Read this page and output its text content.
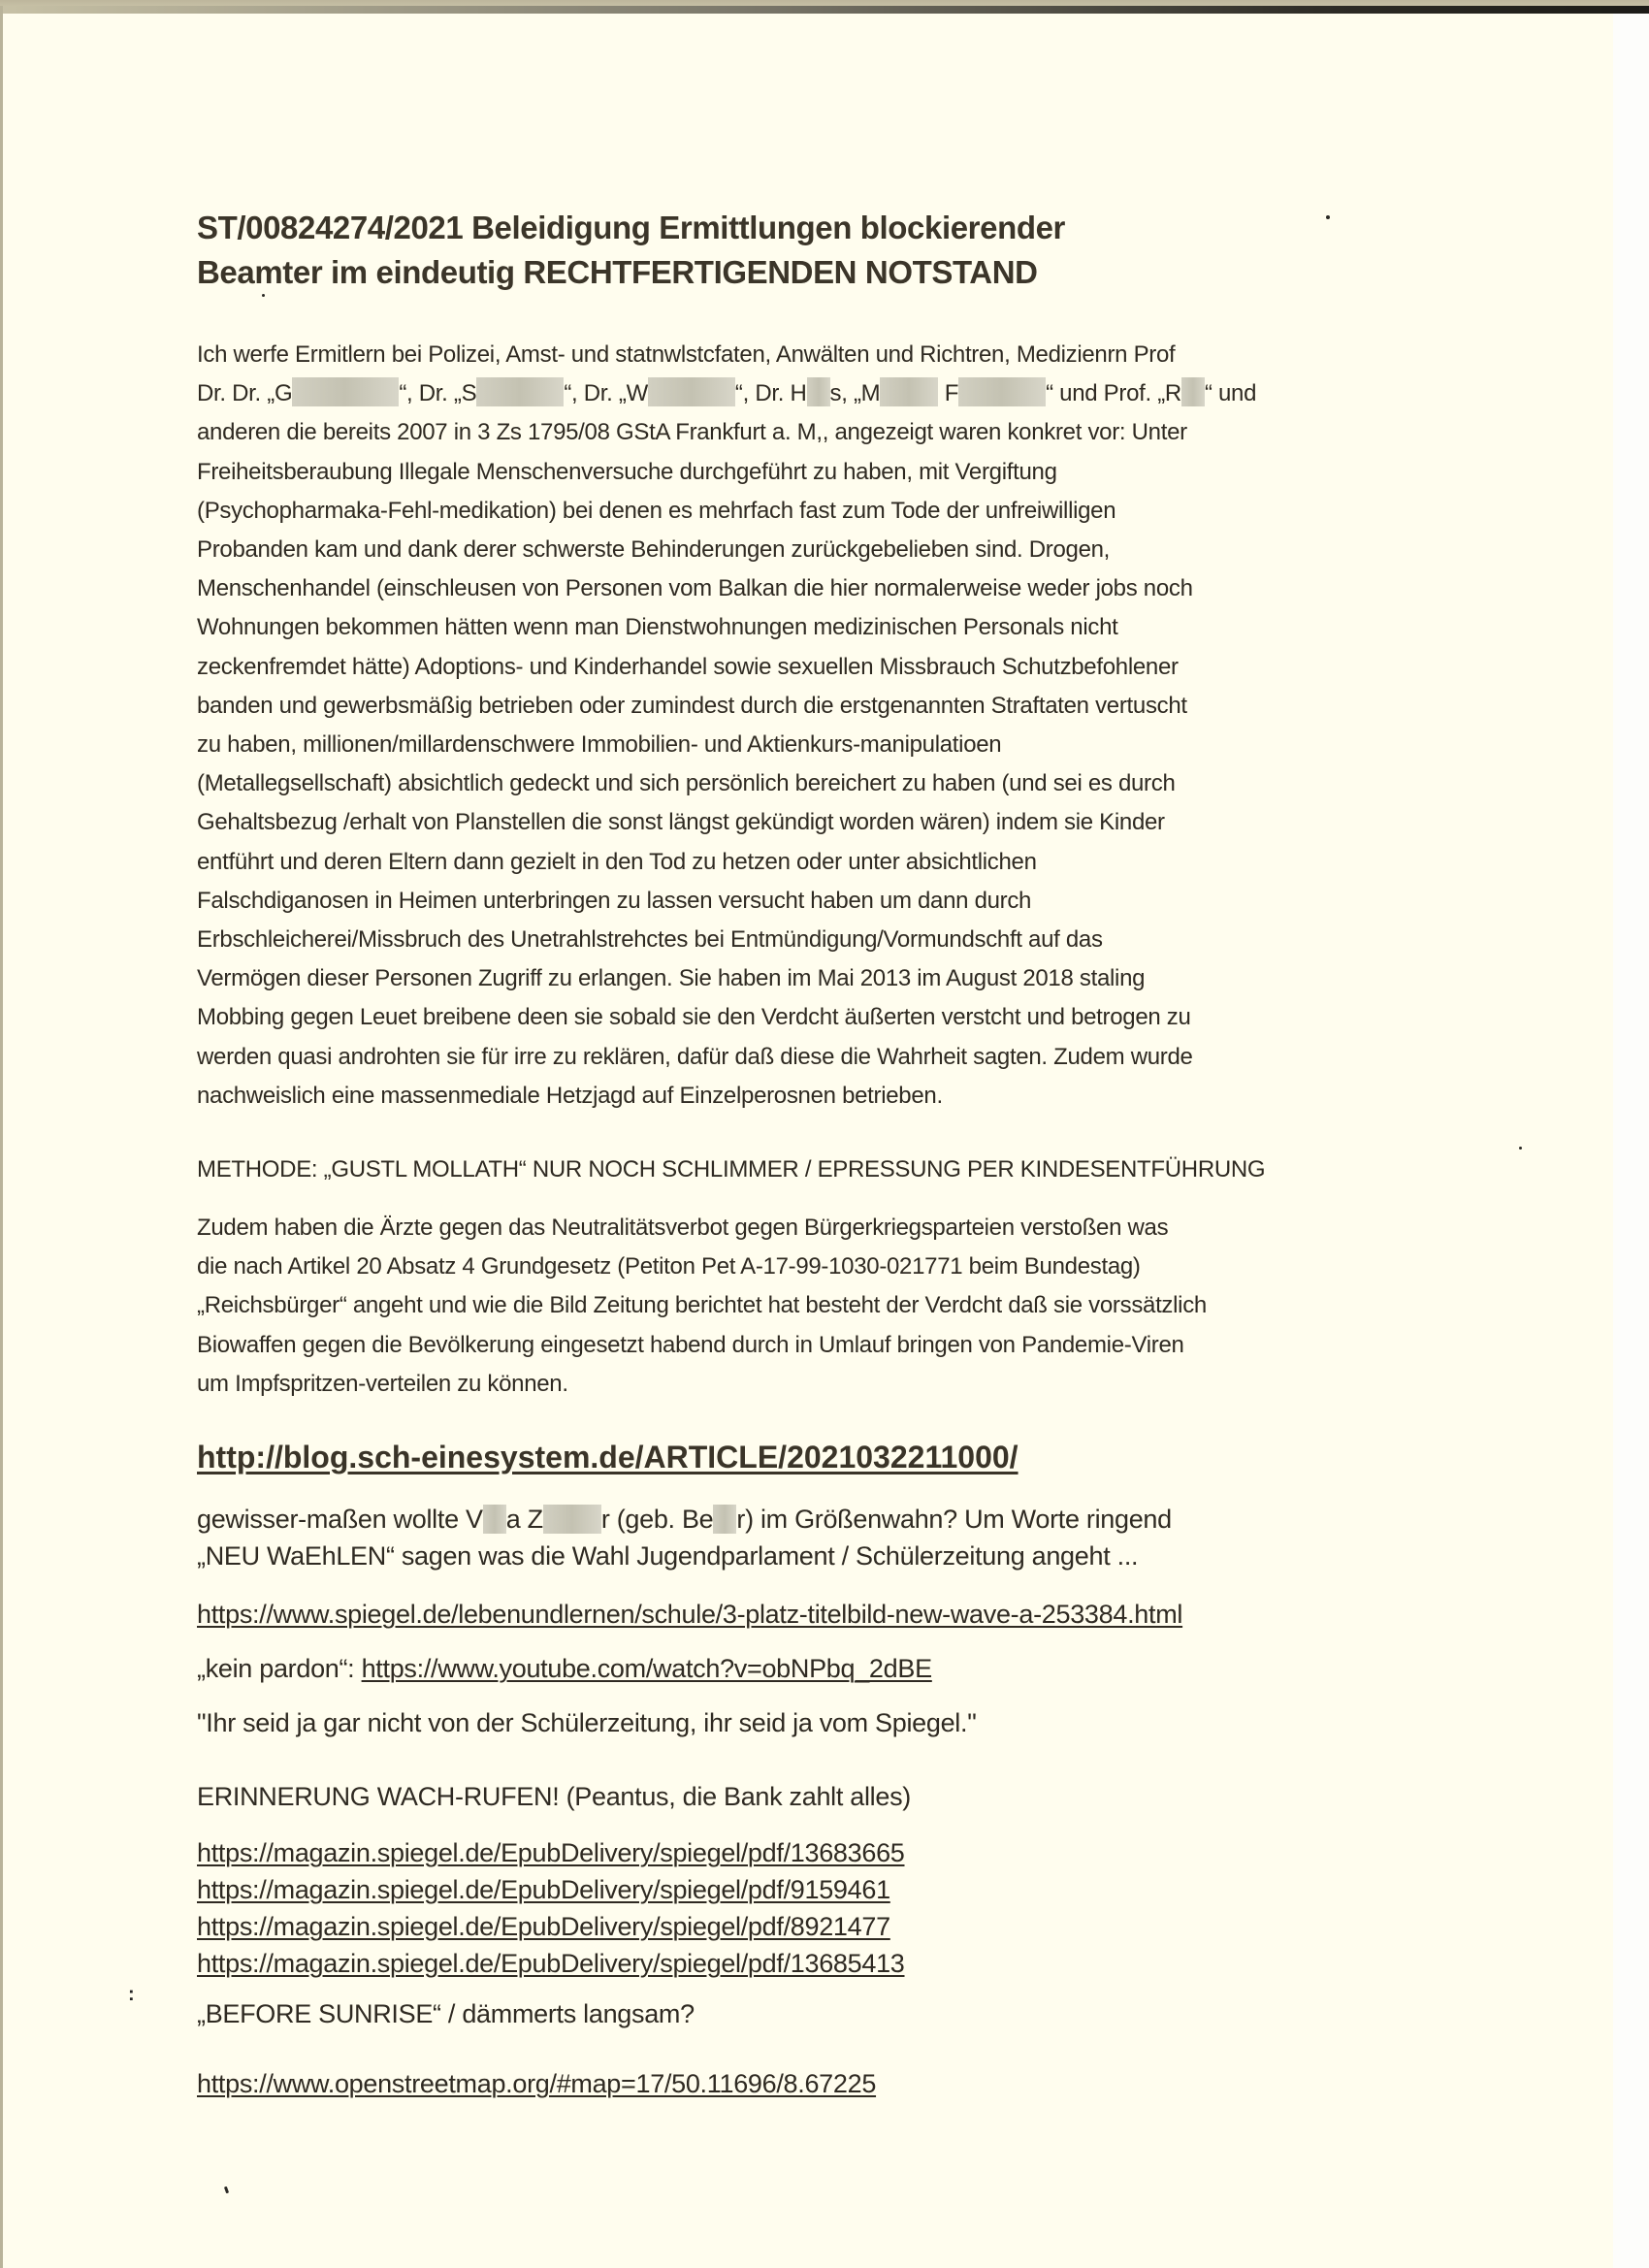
ST/00824274/2021 Beleidigung Ermittlungen blockierender
Beamter im eindeutig RECHTFERTIGENDEN NOTSTAND
Ich werfe Ermitlern bei Polizei, Amst- und statnwlstcfaten, Anwälten und Richtren, Medizienrn Prof
Dr. Dr. „G	“, Dr. „S	“, Dr. „W	“, Dr. H s, „M	F	“ und Prof. „R “ und
anderen die bereits 2007 in 3 Zs 1795/08 GStA Frankfurt a. M,, angezeigt waren konkret vor: Unter
Freiheitsberaubung Illegale Menschenversuche durchgeführt zu haben, mit Vergiftung
(Psychopharmaka-Fehl-medikation) bei denen es mehrfach fast zum Tode der unfreiwilligen
Probanden kam und dank derer schwerste Behinderungen zurückgebelieben sind. Drogen,
Menschenhandel (einschleusen von Personen vom Balkan die hier normalerweise weder jobs noch
Wohnungen bekommen hätten wenn man Dienstwohnungen medizinischen Personals nicht
zeckenfremdet hätte) Adoptions- und Kinderhandel sowie sexuellen Missbrauch Schutzbefohlener
banden und gewerbsmäßig betrieben oder zumindest durch die erstgenannten Straftaten vertuscht
zu haben, millionen/millardenschwere Immobilien- und Aktienkurs-manipulatioen
(Metallegsellschaft) absichtlich gedeckt und sich persönlich bereichert zu haben (und sei es durch
Gehaltsbezug /erhalt von Planstellen die sonst längst gekündigt worden wären) indem sie Kinder
entführt und deren Eltern dann gezielt in den Tod zu hetzen oder unter absichtlichen
Falschdiganosen in Heimen unterbringen zu lassen versucht haben um dann durch
Erbschleicherei/Missbruch des Unetrahlstrehctes bei Entmündigung/Vormundschft auf das
Vermögen dieser Personen Zugriff zu erlangen. Sie haben im Mai 2013 im August 2018 staling
Mobbing gegen Leuet breibene deen sie sobald sie den Verdcht äußerten verstcht und betrogen zu
werden quasi androhten sie für irre zu reklären, dafür daß diese die Wahrheit sagten. Zudem wurde
nachweislich eine massenmediale Hetzjagd auf Einzelperosnen betrieben.
METHODE: „GUSTL MOLLATH“ NUR NOCH SCHLIMMER / EPRESSUNG PER KINDESENTFÜHRUNG
Zudem haben die Ärzte gegen das Neutralitätsverbot gegen Bürgerkriegsparteien verstoßen was
die nach Artikel 20 Absatz 4 Grundgesetz (Petiton Pet A-17-99-1030-021771 beim Bundestag)
„Reichsbürger“ angeht und wie die Bild Zeitung berichtet hat besteht der Verdcht daß sie vorssätzlich
Biowaffen gegen die Bevölkerung eingesetzt habend durch in Umlauf bringen von Pandemie-Viren
um Impfspritzen-verteilen zu können.
http://blog.sch-einesystem.de/ARTICLE/2021032211000/
gewisser-maßen wollte V a Z r (geb. Be r) im Größenwahn? Um Worte ringend
„NEU WaEhLEN“ sagen was die Wahl Jugendparlament / Schülerzeitung angeht ...
https://www.spiegel.de/lebenundlernen/schule/3-platz-titelbild-new-wave-a-253384.html
„kein pardon“: https://www.youtube.com/watch?v=obNPbq_2dBE
"Ihr seid ja gar nicht von der Schülerzeitung, ihr seid ja vom Spiegel."
ERINNERUNG WACH-RUFEN! (Peantus, die Bank zahlt alles)
https://magazin.spiegel.de/EpubDelivery/spiegel/pdf/13683665
https://magazin.spiegel.de/EpubDelivery/spiegel/pdf/9159461
https://magazin.spiegel.de/EpubDelivery/spiegel/pdf/8921477
https://magazin.spiegel.de/EpubDelivery/spiegel/pdf/13685413
:
„BEFORE SUNRISE“ / dämmerts langsam?
https://www.openstreetmap.org/#map=17/50.11696/8.67225
